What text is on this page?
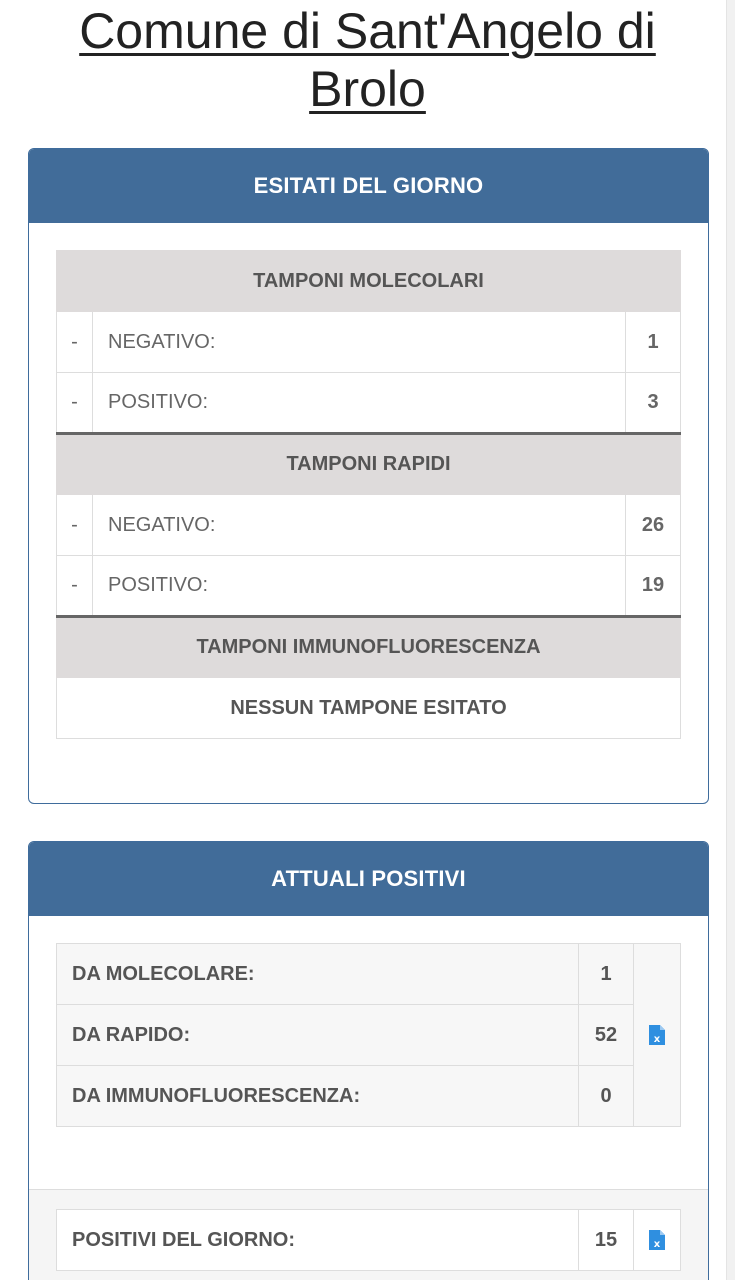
Comune di Sant'Angelo di Brolo
ESITATI DEL GIORNO
TAMPONI MOLECOLARI		
-	NEGATIVO:	1
-	POSITIVO:	3
TAMPONI RAPIDI		
-	NEGATIVO:	26
-	POSITIVO:	19
TAMPONI IMMUNOFLUORESCENZA		
NESSUN TAMPONE ESITATO		
ATTUALI POSITIVI
DA MOLECOLARE:	1	x

DA RAPIDO:	52	
DA IMMUNOFLUORESCENZA:	0	
POSITIVI DEL GIORNO:	15	x
